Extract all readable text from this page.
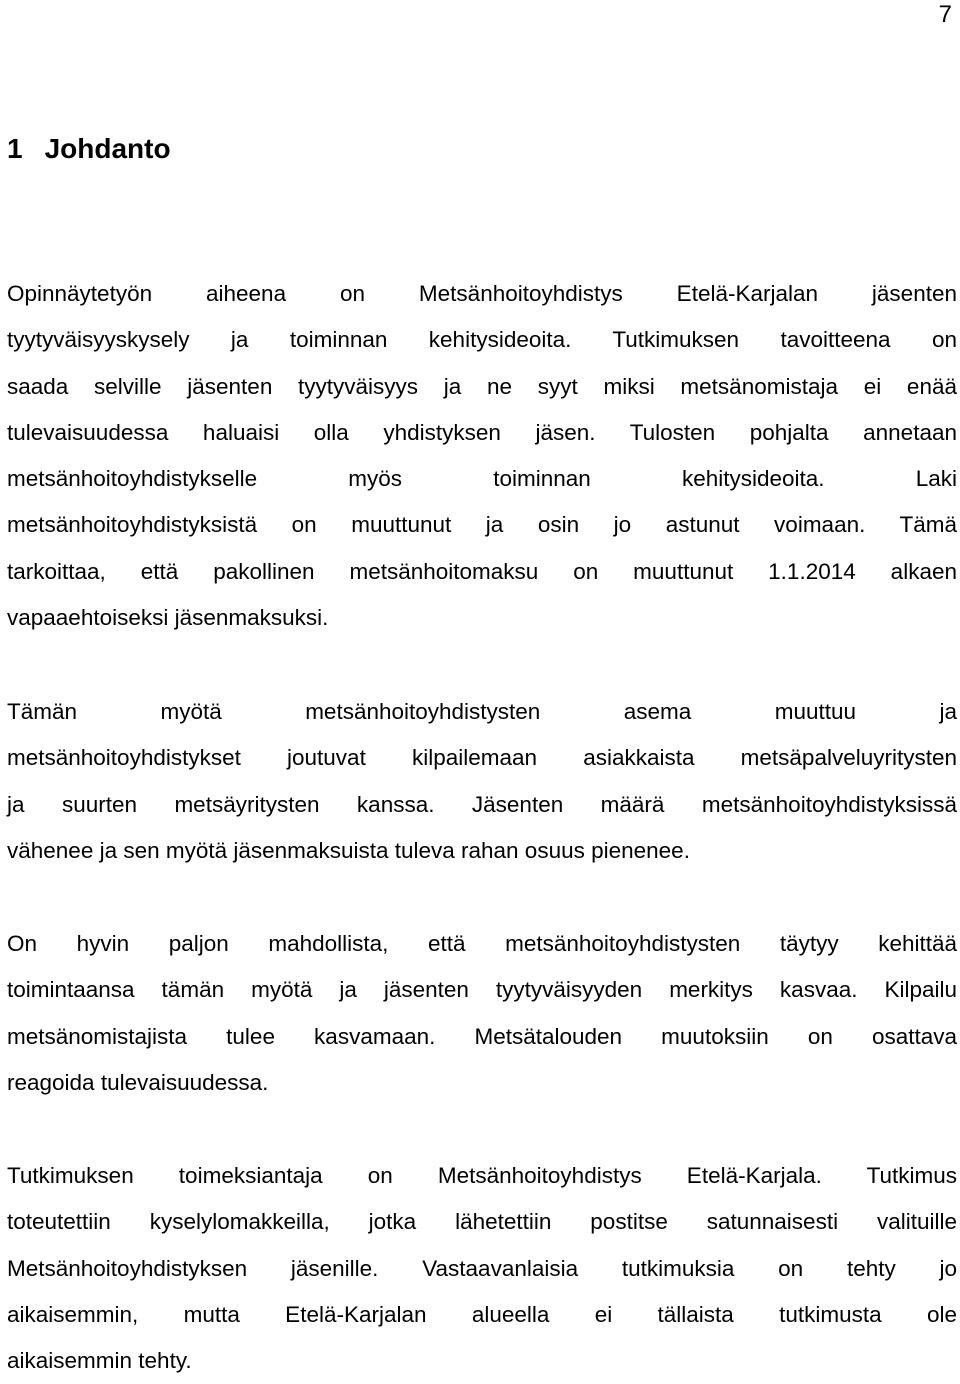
7
1 Johdanto
Opinnäytetyön aiheena on Metsänhoitoyhdistys Etelä-Karjalan jäsenten
tyytyväisyyskysely ja toiminnan kehitysideoita. Tutkimuksen tavoitteena on
saada selville jäsenten tyytyväisyys ja ne syyt miksi metsänomistaja ei enää
tulevaisuudessa haluaisi olla yhdistyksen jäsen. Tulosten pohjalta annetaan
metsänhoitoyhdistykselle myös toiminnan kehitysideoita. Laki
metsänhoitoyhdistyksistä on muuttunut ja osin jo astunut voimaan. Tämä
tarkoittaa, että pakollinen metsänhoitomaksu on muuttunut 1.1.2014 alkaen
vapaaehtoiseksi jäsenmaksuksi.
Tämän myötä metsänhoitoyhdistysten asema muuttuu ja
metsänhoitoyhdistykset joutuvat kilpailemaan asiakkaista metsäpalveluyritysten
ja suurten metsäyritysten kanssa. Jäsenten määrä metsänhoitoyhdistyksissä
vähenee ja sen myötä jäsenmaksuista tuleva rahan osuus pienenee.
On hyvin paljon mahdollista, että metsänhoitoyhdistysten täytyy kehittää
toimintaansa tämän myötä ja jäsenten tyytyväisyyden merkitys kasvaa. Kilpailu
metsänomistajista tulee kasvamaan. Metsätalouden muutoksiin on osattava
reagoida tulevaisuudessa.
Tutkimuksen toimeksiantaja on Metsänhoitoyhdistys Etelä-Karjala. Tutkimus
toteutettiin kyselylomakkeilla, jotka lähetettiin postitse satunnaisesti valituille
Metsänhoitoyhdistyksen jäsenille. Vastaavanlaisia tutkimuksia on tehty jo
aikaisemmin, mutta Etelä-Karjalan alueella ei tällaista tutkimusta ole
aikaisemmin tehty.
